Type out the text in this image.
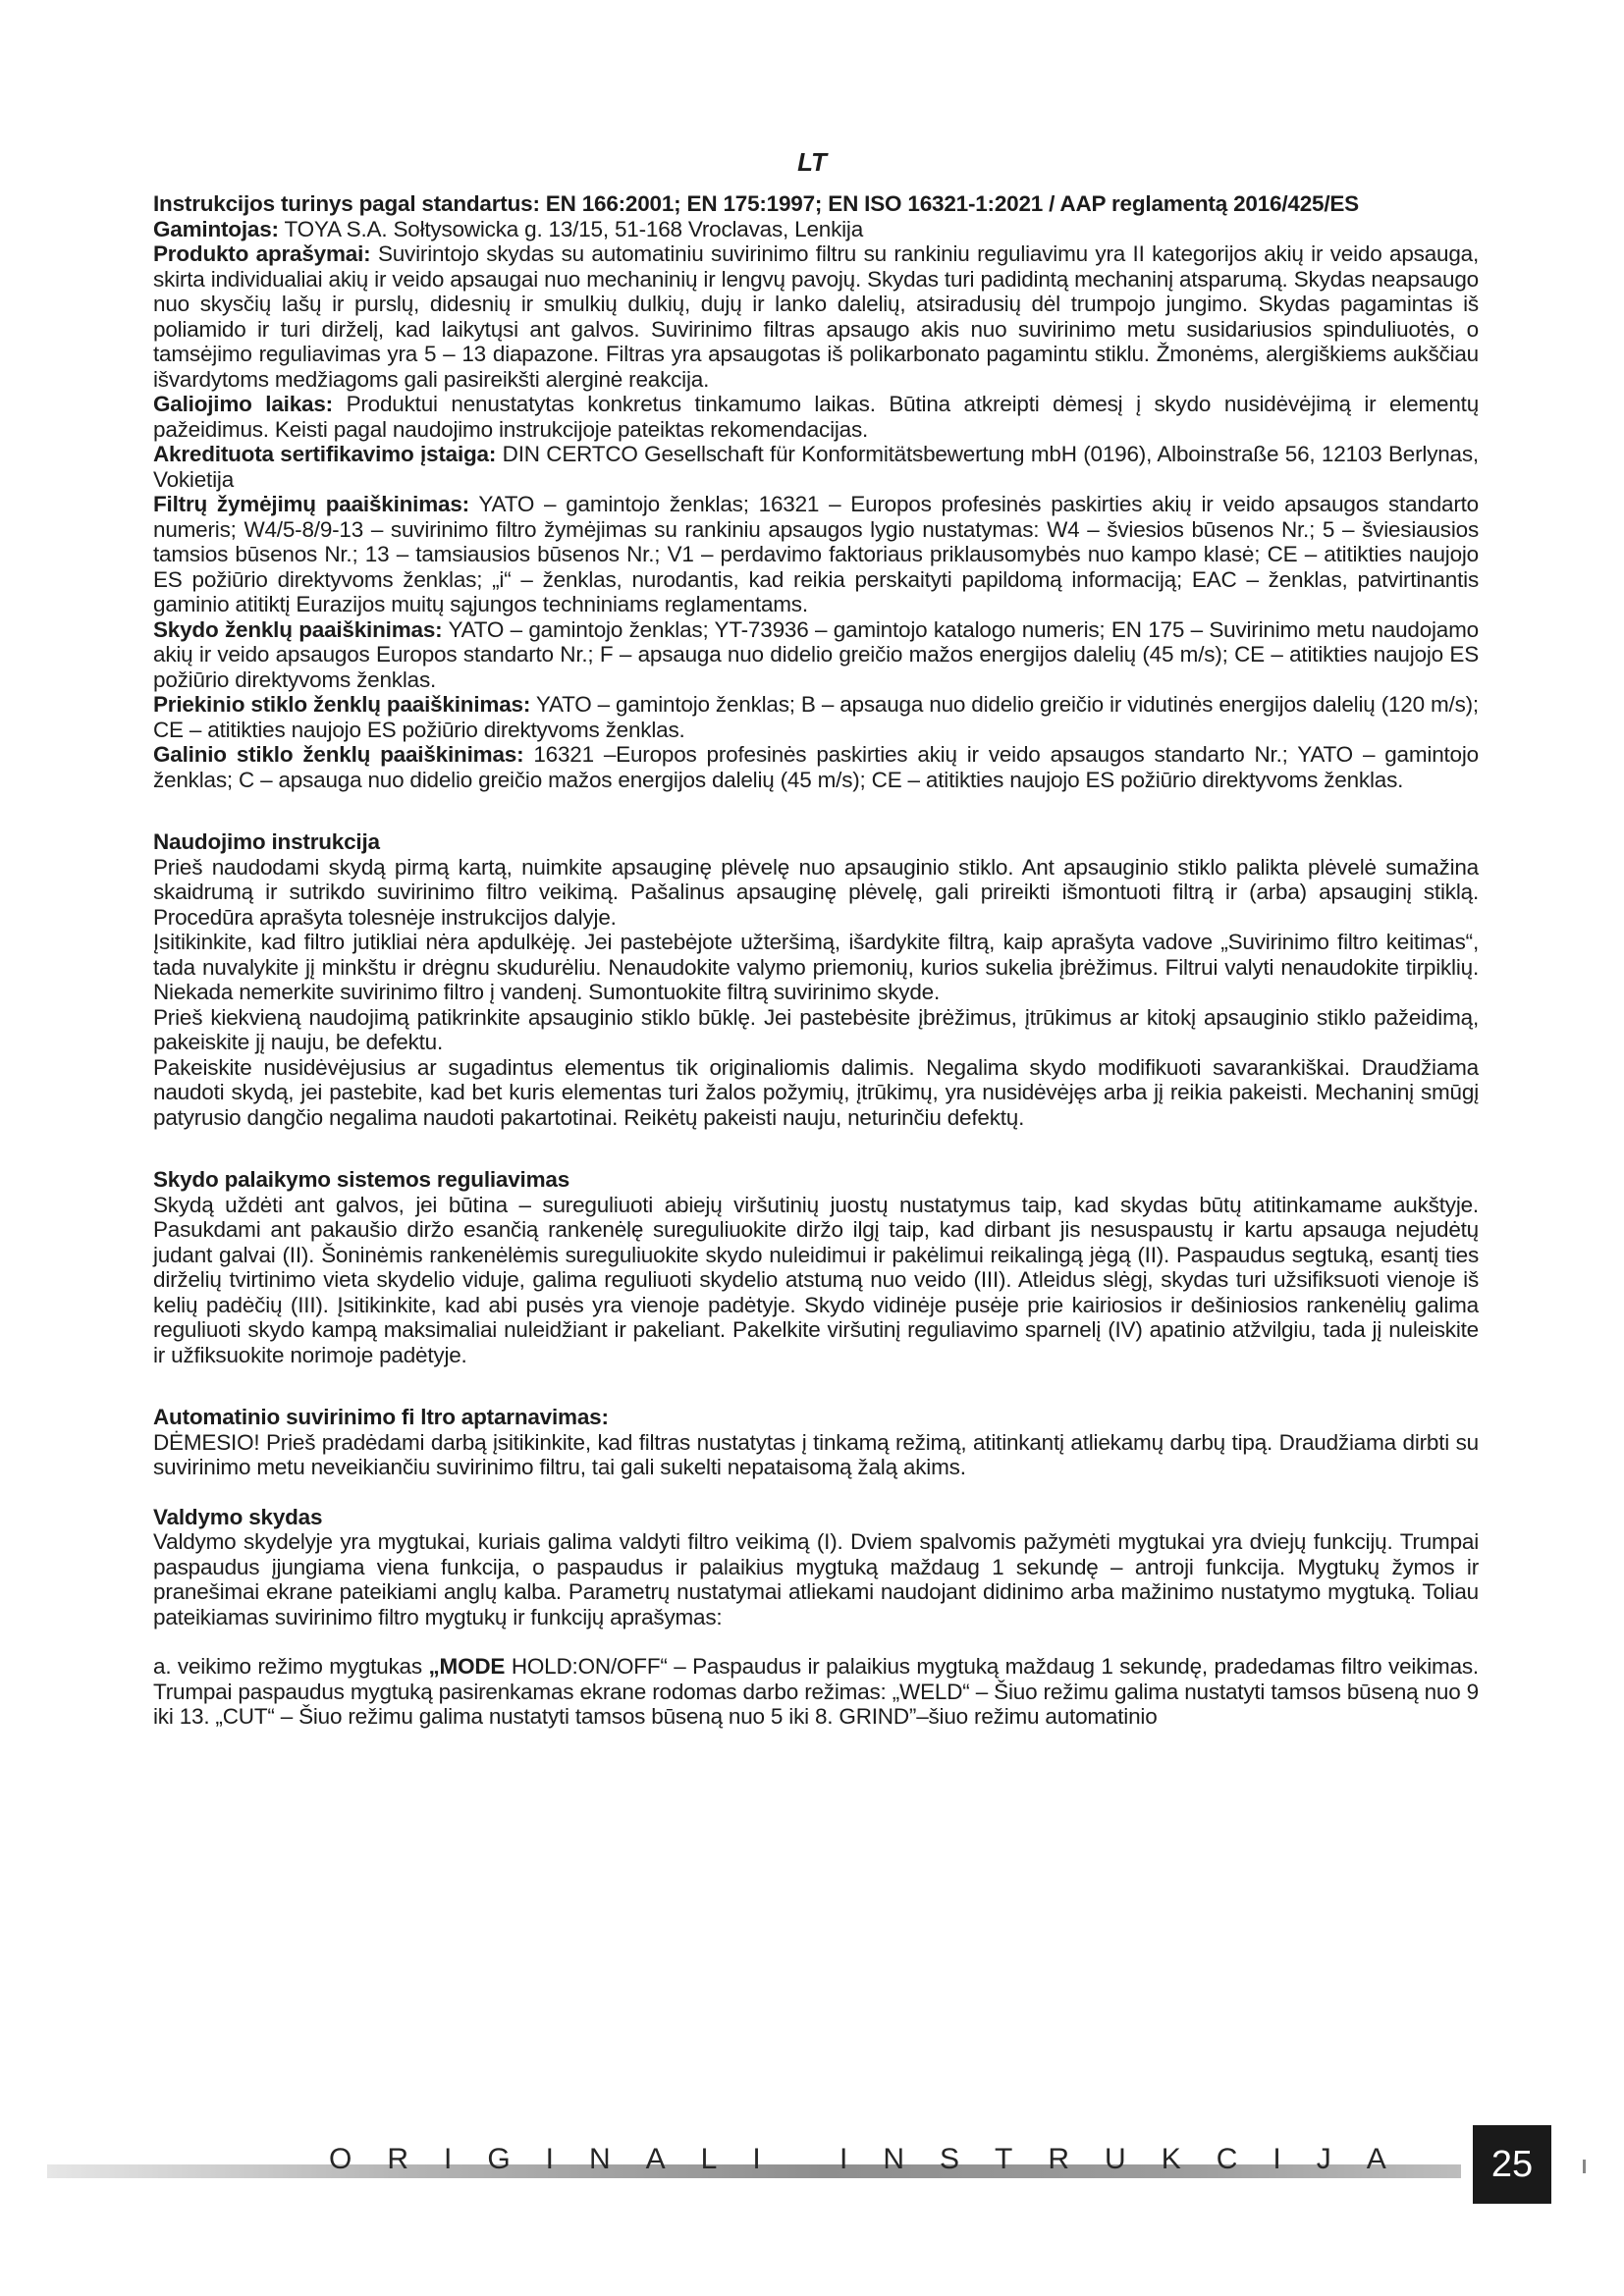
LT

Instrukcijos turinys pagal standartus: EN 166:2001; EN 175:1997; EN ISO 16321-1:2021 / AAP reglamentą 2016/425/ES

Gamintojas: TOYA S.A. Sołtysowicka g. 13/15, 51-168 Vroclavas, Lenkija

Produkto aprašymai: Suvirintojo skydas su automatiniu suvirinimo filtru su rankiniu reguliavimu yra II kategorijos akių ir veido apsauga, skirta individualiai akių ir veido apsaugai nuo mechaninių ir lengvų pavojų. Skydas turi padidintą mechaninį atsparumą. Skydas neapsaugo nuo skysčių lašų ir purslų, didesnių ir smulkių dulkių, dujų ir lanko dalelių, atsiradusių dėl trumpojo jungimo. Skydas pagamintas iš poliamido ir turi dirželį, kad laikytųsi ant galvos. Suvirinimo filtras apsaugo akis nuo suvirinimo metu susidariusios spinduliuotės, o tamsėjimo reguliavimas yra 5 – 13 diapazone. Filtras yra apsaugotas iš polikarbonato pagamintu stiklu. Žmonėms, alergiškiems aukščiau išvardytoms medžiagoms gali pasireikšti alerginė reakcija.

Galiojimo laikas: Produktui nenustatytas konkretus tinkamumo laikas. Būtina atkreipti dėmesį į skydo nusidėvėjimą ir elementų pažeidimus. Keisti pagal naudojimo instrukcijoje pateiktas rekomendacijas.

Akredituota sertifikavimo įstaiga: DIN CERTCO Gesellschaft für Konformitätsbewertung mbH (0196), Alboinstraße 56, 12103 Berlynas, Vokietija

Filtrų žymėjimų paaiškinimas: YATO – gamintojo ženklas; 16321 – Europos profesinės paskirties akių ir veido apsaugos standarto numeris; W4/5-8/9-13 – suvirinimo filtro žymėjimas su rankiniu apsaugos lygio nustatymas: W4 – šviesios būsenos Nr.; 5 – šviesiausios tamsios būsenos Nr.; 13 – tamsiausios būsenos Nr.; V1 – perdavimo faktoriaus priklausomybės nuo kampo klasė; CE – atitikties naujojo ES požiūrio direktyvoms ženklas; „i“ – ženklas, nurodantis, kad reikia perskaityti papildomą informaciją; EAC – ženklas, patvirtinantis gaminio atitiktį Eurazijos muitų sąjungos techniniams reglamentams.

Skydo ženklų paaiškinimas: YATO – gamintojo ženklas; YT-73936 – gamintojo katalogo numeris; EN 175 – Suvirinimo metu naudojamo akių ir veido apsaugos Europos standarto Nr.; F – apsauga nuo didelio greičio mažos energijos dalelių (45 m/s); CE – atitikties naujojo ES požiūrio direktyvoms ženklas.

Priekinio stiklo ženklų paaiškinimas: YATO – gamintojo ženklas; B – apsauga nuo didelio greičio ir vidutinės energijos dalelių (120 m/s); CE – atitikties naujojo ES požiūrio direktyvoms ženklas.

Galinio stiklo ženklų paaiškinimas: 16321 –Europos profesinės paskirties akių ir veido apsaugos standarto Nr.; YATO – gamintojo ženklas; C – apsauga nuo didelio greičio mažos energijos dalelių (45 m/s); CE – atitikties naujojo ES požiūrio direktyvoms ženklas.

Naudojimo instrukcija

Prieš naudodami skydą pirmą kartą, nuimkite apsauginę plėvelę nuo apsauginio stiklo. Ant apsauginio stiklo palikta plėvelė sumažina skaidrumą ir sutrikdo suvirinimo filtro veikimą. Pašalinus apsauginę plėvelę, gali prireikti išmontuoti filtrą ir (arba) apsauginį stiklą. Procedūra aprašyta tolesnėje instrukcijos dalyje.

Įsitikinkite, kad filtro jutikliai nėra apdulkėję. Jei pastebėjote užteršimą, išardykite filtrą, kaip aprašyta vadove „Suvirinimo filtro keitimas“, tada nuvalykite jį minkštu ir drėgnu skudurėliu. Nenaudokite valymo priemonių, kurios sukelia įbrėžimus. Filtrui valyti nenaudokite tirpiklių. Niekada nemerkite suvirinimo filtro į vandenį. Sumontuokite filtrą suvirinimo skyde.

Prieš kiekvieną naudojimą patikrinkite apsauginio stiklo būklę. Jei pastebėsite įbrėžimus, įtrūkimus ar kitokį apsauginio stiklo pažeidimą, pakeiskite jį nauju, be defektu.

Pakeiskite nusidėvėjusius ar sugadintus elementus tik originaliomis dalimis. Negalima skydo modifikuoti savarankiškai. Draudžiama naudoti skydą, jei pastebite, kad bet kuris elementas turi žalos požymių, įtrūkimų, yra nusidėvėjęs arba jį reikia pakeisti. Mechaninį smūgį patyrusio dangčio negalima naudoti pakartotinai. Reikėtų pakeisti nauju, neturinčiu defektų.

Skydo palaikymo sistemos reguliavimas

Skydą uždėti ant galvos, jei būtina – sureguliuoti abiejų viršutinių juostų nustatymus taip, kad skydas būtų atitinkamame aukštyje. Pasukdami ant pakaušio diržo esančią rankenėlę sureguliuokite diržo ilgį taip, kad dirbant jis nesuspaustų ir kartu apsauga nejudėtų judant galvai (II). Šoninėmis rankenėlėmis sureguliuokite skydo nuleidimui ir pakėlimui reikalingą jėgą (II). Paspaudus segtuką, esantį ties dirželių tvirtinimo vieta skydelio viduje, galima reguliuoti skydelio atstumą nuo veido (III). Atleidus slėgį, skydas turi užsifiksuoti vienoje iš kelių padėčių (III). Įsitikinkite, kad abi pusės yra vienoje padėtyje. Skydo vidinėje pusėje prie kairiosios ir dešiniosios rankenėlių galima reguliuoti skydo kampą maksimaliai nuleidžiant ir pakeliant. Pakelkite viršutinį reguliavimo sparnelį (IV) apatinio atžvilgiu, tada jį nuleiskite ir užfiksuokite norimoje padėtyje.

Automatinio suvirinimo fi ltro aptarnavimas:

DĖMESIO! Prieš pradėdami darbą įsitikinkite, kad filtras nustatytas į tinkamą režimą, atitinkantį atliekamų darbų tipą. Draudžiama dirbti su suvirinimo metu neveikiančiu suvirinimo filtru, tai gali sukelti nepataisomą žalą akims.

Valdymo skydas

Valdymo skydelyje yra mygtukai, kuriais galima valdyti filtro veikimą (I). Dviem spalvomis pažymėti mygtukai yra dviejų funkcijų. Trumpai paspaudus įjungiama viena funkcija, o paspaudus ir palaikius mygtuką maždaug 1 sekundę – antroji funkcija. Mygtukų žymos ir pranešimai ekrane pateikiami anglų kalba. Parametrų nustatymai atliekami naudojant didinimo arba mažinimo nustatymo mygtuką. Toliau pateikiamas suvirinimo filtro mygtukų ir funkcijų aprašymas:

a. veikimo režimo mygtukas „MODE HOLD:ON/OFF“ – Paspaudus ir palaikius mygtuką maždaug 1 sekundę, pradedamas filtro veikimas. Trumpai paspaudus mygtuką pasirenkamas ekrane rodomas darbo režimas: „WELD“ – Šiuo režimu galima nustatyti tamsos būseną nuo 9 iki 13. „CUT“ – Šiuo režimu galima nustatyti tamsos būseną nuo 5 iki 8. GRIND”–šiuo režimu automatinio

ORIGINALI INSTRUKCIJA	25
